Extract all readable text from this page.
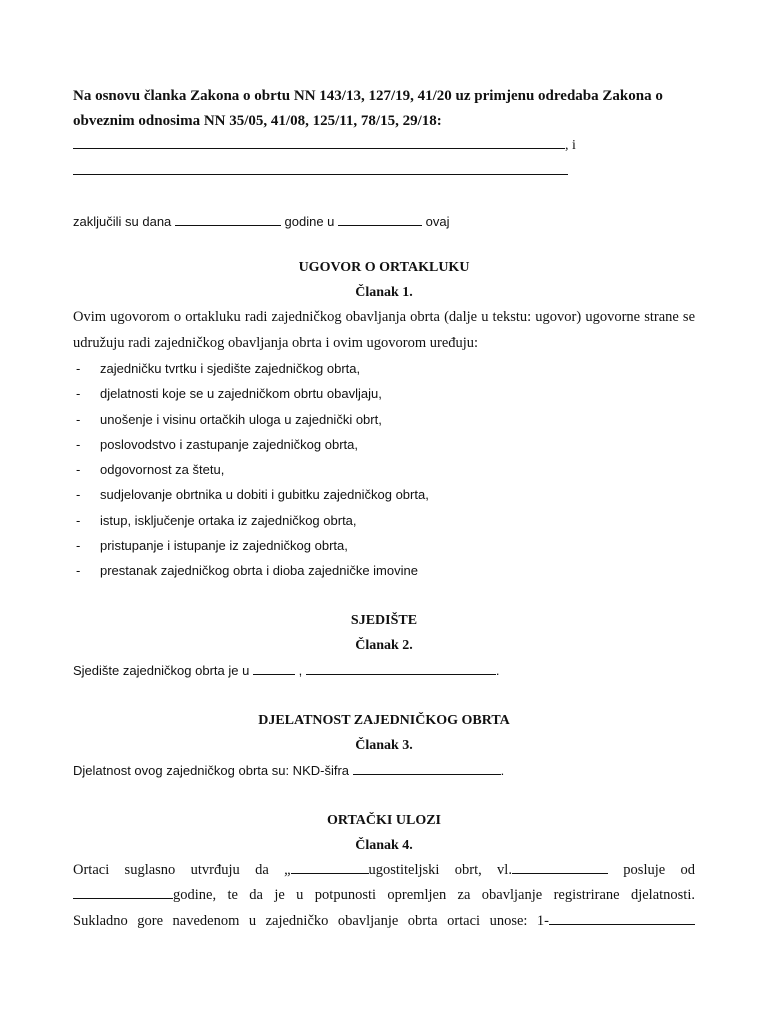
Na osnovu članka Zakona o obrtu NN 143/13, 127/19, 41/20 uz primjenu odredaba Zakona o obveznim odnosima NN 35/05, 41/08, 125/11, 78/15, 29/18:

, i

zaključili su dana	godine u	ovaj

UGOVOR O ORTAKLUKU

Članak 1.

Ovim ugovorom o ortakluku radi zajedničkog obavljanja obrta (dalje u tekstu: ugovor) ugovorne strane se udružuju radi zajedničkog obavljanja obrta i ovim ugovorom uređuju:

- zajedničku tvrtku i sjedište zajedničkog obrta,
- djelatnosti koje se u zajedničkom obrtu obavljaju,
- unošenje i visinu ortačkih uloga u zajednički obrt,
- poslovodstvo i zastupanje zajedničkog obrta,
- odgovornost za štetu,
- sudjelovanje obrtnika u dobiti i gubitku zajedničkog obrta,
- istup, isključenje ortaka iz zajedničkog obrta,
- pristupanje i istupanje iz zajedničkog obrta,
- prestanak zajedničkog obrta i dioba zajedničke imovine

SJEDIŠTE

Članak 2.

Sjedište zajedničkog obrta je u	,	.

DJELATNOST ZAJEDNIČKOG OBRTA

Članak 3.

Djelatnost ovog zajedničkog obrta su: NKD-šifra	.

ORTAČKI ULOZI

Članak 4.

Ortaci suglasno utvrđuju da „	ugostiteljski obrt, vl.	posluje od

godine, te da je u potpunosti opremljen za obavljanje registrirane djelatnosti.

Sukladno gore navedenom u zajedničko obavljanje obrta ortaci unose: 1-
